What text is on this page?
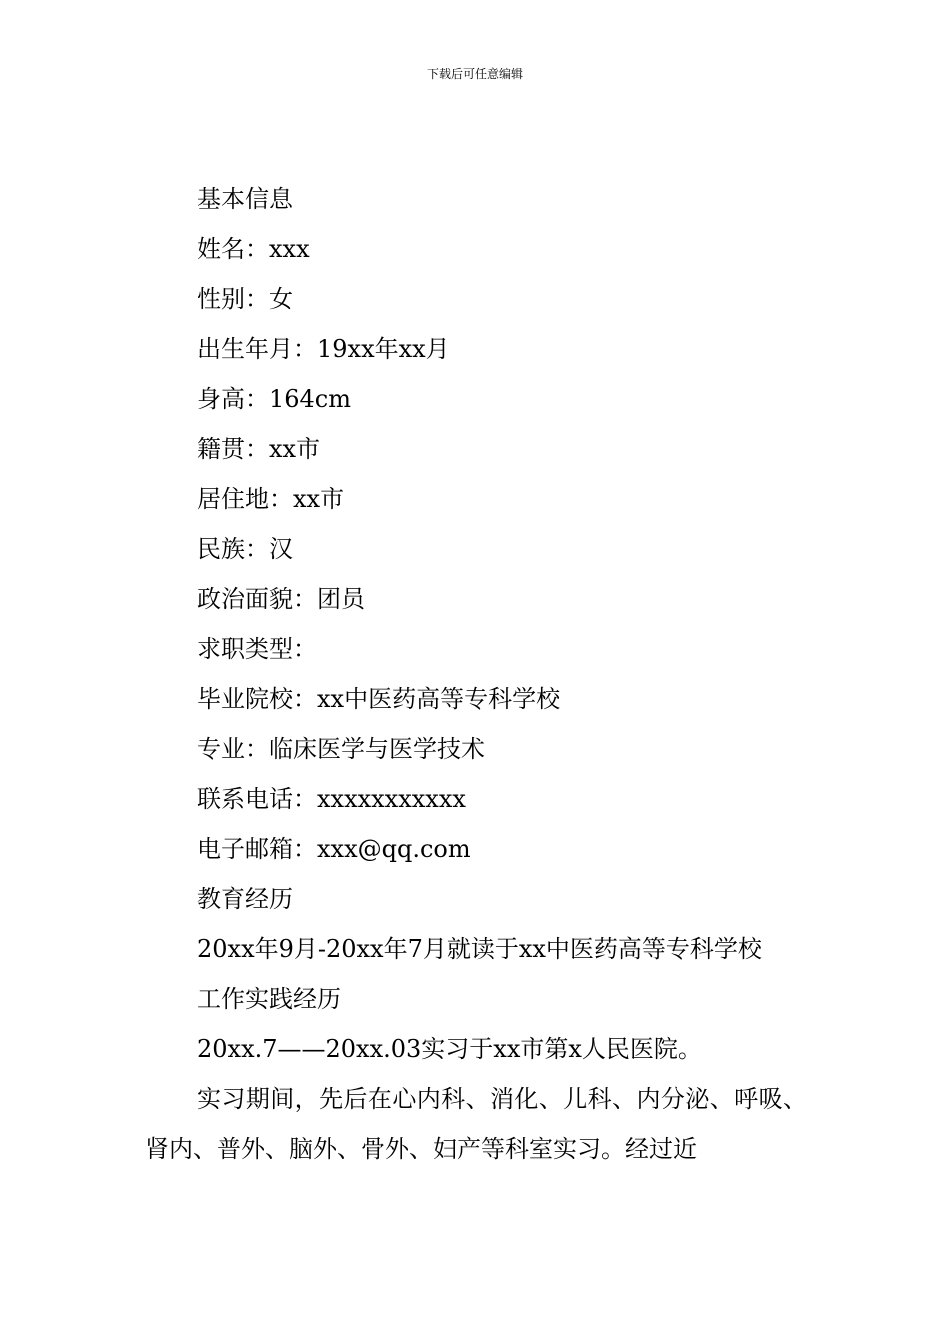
下载后可任意编辑

基本信息

姓名：xxx

性别：女

出生年月：19xx年xx月

身高：164cm

籍贯：xx市

居住地：xx市

民族：汉

政治面貌：团员

求职类型：

毕业院校：xx中医药高等专科学校

专业：临床医学与医学技术

联系电话：xxxxxxxxxxx

电子邮箱：xxx@qq.com

教育经历

20xx年9月-20xx年7月就读于xx中医药高等专科学校

工作实践经历

20xx.7——20xx.03实习于xx市第x人民医院。

实习期间，先后在心内科、消化、儿科、内分泌、呼吸、肾内、普外、脑外、骨外、妇产等科室实习。经过近
